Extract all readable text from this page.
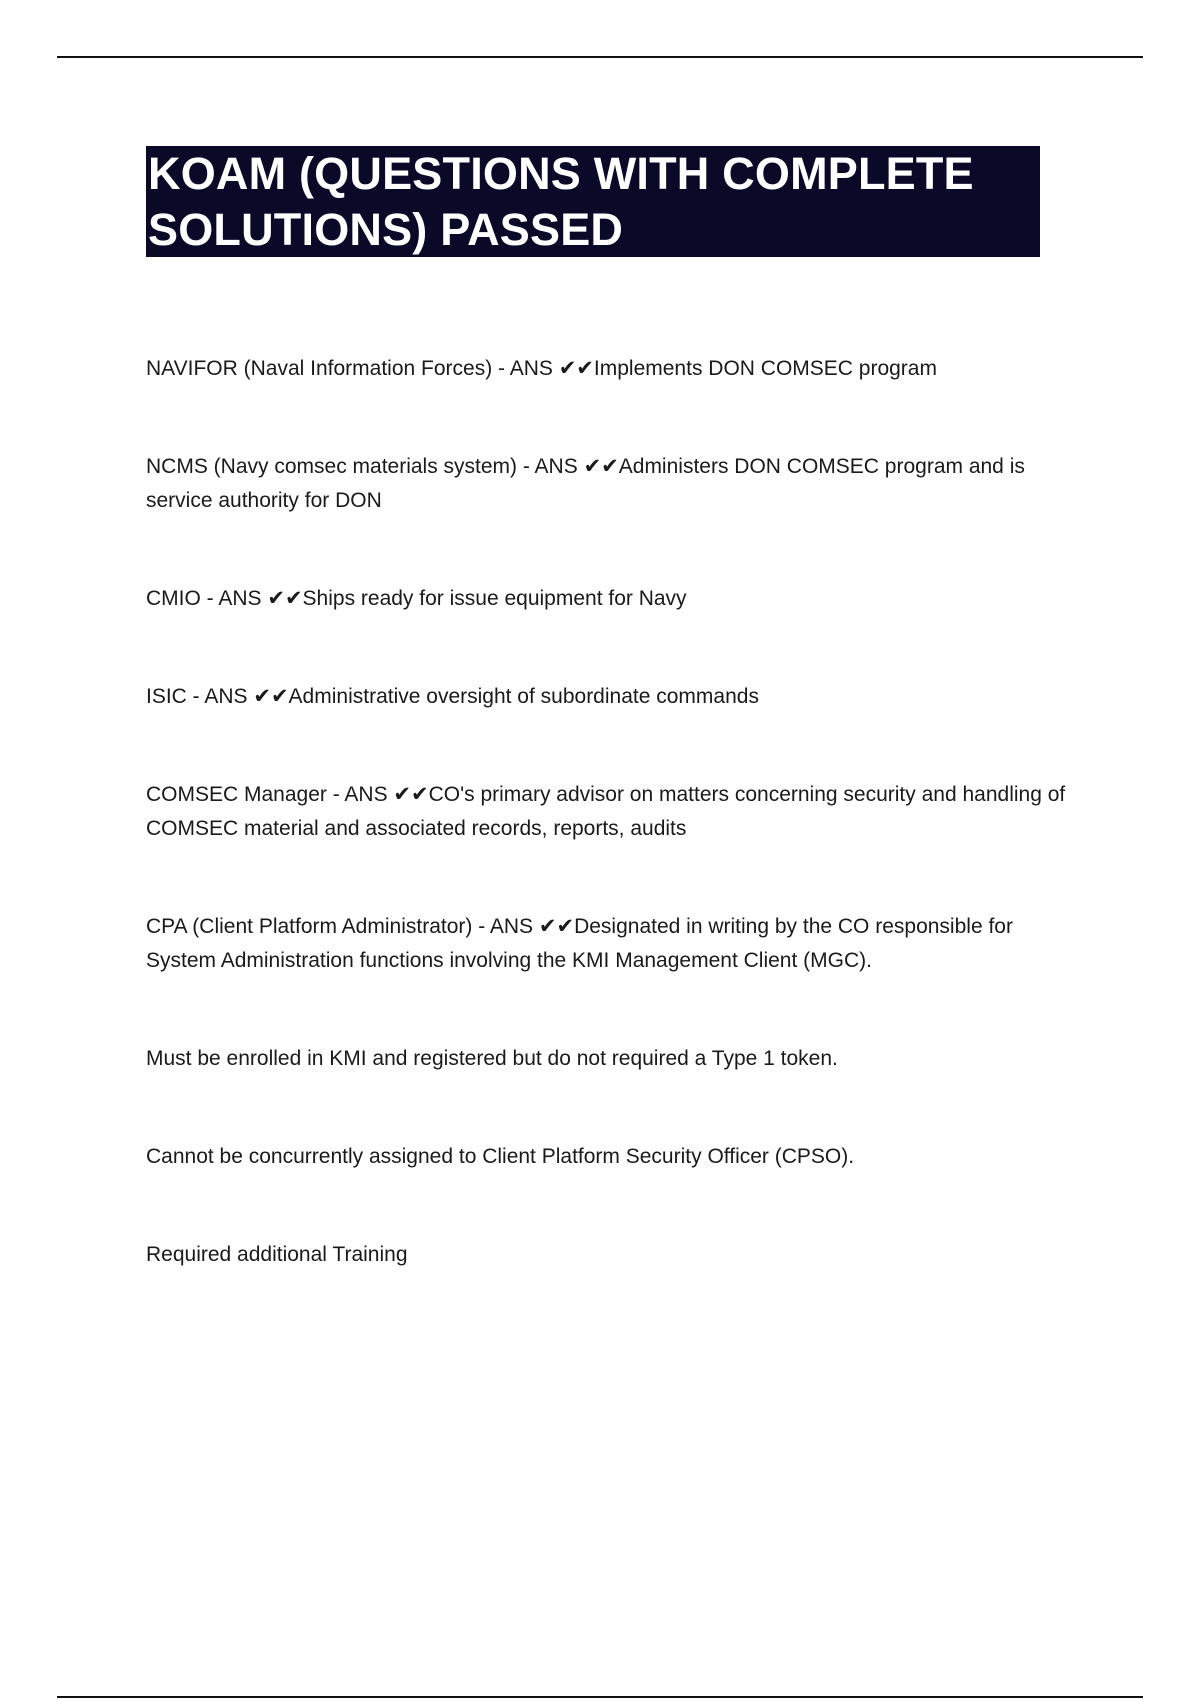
KOAM (QUESTIONS WITH COMPLETE SOLUTIONS) PASSED

NAVIFOR (Naval Information Forces) - ANS ✔✔Implements DON COMSEC program

NCMS (Navy comsec materials system) - ANS ✔✔Administers DON COMSEC program and is service authority for DON

CMIO - ANS ✔✔Ships ready for issue equipment for Navy

ISIC - ANS ✔✔Administrative oversight of subordinate commands

COMSEC Manager - ANS ✔✔CO's primary advisor on matters concerning security and handling of COMSEC material and associated records, reports, audits

CPA (Client Platform Administrator) - ANS ✔✔Designated in writing by the CO responsible for System Administration functions involving the KMI Management Client (MGC).

Must be enrolled in KMI and registered but do not required a Type 1 token.

Cannot be concurrently assigned to Client Platform Security Officer (CPSO).

Required additional Training
